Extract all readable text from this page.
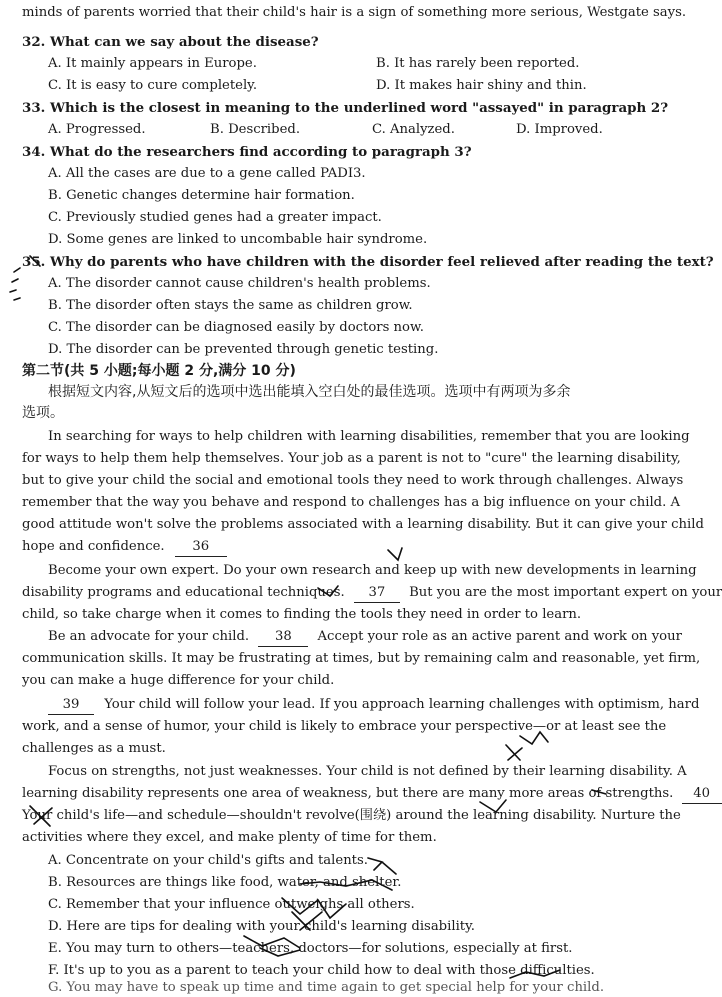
minds of parents worried that their child's hair is a sign of something more serious, Westgate says.
32. What can we say about the disease?
A. It mainly appears in Europe.	B. It has rarely been reported.
C. It is easy to cure completely.	D. It makes hair shiny and thin.
33. Which is the closest in meaning to the underlined word "assayed" in paragraph 2?
A. Progressed.	B. Described.	C. Analyzed.	D. Improved.
34. What do the researchers find according to paragraph 3?
A. All the cases are due to a gene called PADI3.
B. Genetic changes determine hair formation.
C. Previously studied genes had a greater impact.
D. Some genes are linked to uncombable hair syndrome.
35. Why do parents who have children with the disorder feel relieved after reading the text?
A. The disorder cannot cause children's health problems.
B. The disorder often stays the same as children grow.
C. The disorder can be diagnosed easily by doctors now.
D. The disorder can be prevented through genetic testing.
第二节(共 5 小题;每小题 2 分,满分 10 分)
根据短文内容,从短文后的选项中选出能填入空白处的最佳选项。选项中有两项为多余
选项。
In searching for ways to help children with learning disabilities, remember that you are looking
for ways to help them help themselves. Your job as a parent is not to "cure" the learning disability,
but to give your child the social and emotional tools they need to work through challenges. Always
remember that the way you behave and respond to challenges has a big influence on your child. A
good attitude won't solve the problems associated with a learning disability. But it can give your child
hope and confidence. 36
Become your own expert. Do your own research and keep up with new developments in learning
disability programs and educational techniques. 37 But you are the most important expert on your
child, so take charge when it comes to finding the tools they need in order to learn.
Be an advocate for your child. 38 Accept your role as an active parent and work on your
communication skills. It may be frustrating at times, but by remaining calm and reasonable, yet firm,
you can make a huge difference for your child.
39 Your child will follow your lead. If you approach learning challenges with optimism, hard
work, and a sense of humor, your child is likely to embrace your perspective—or at least see the
challenges as a must.
Focus on strengths, not just weaknesses. Your child is not defined by their learning disability. A
learning disability represents one area of weakness, but there are many more areas of strengths. 40
Your child's life—and schedule—shouldn't revolve(围绕) around the learning disability. Nurture the
activities where they excel, and make plenty of time for them.
A. Concentrate on your child's gifts and talents.
B. Resources are things like food, water, and shelter.
C. Remember that your influence outweighs all others.
D. Here are tips for dealing with your child's learning disability.
E. You may turn to others—teachers, doctors—for solutions, especially at first.
F. It's up to you as a parent to teach your child how to deal with those difficulties.
G. You may have to speak up time and time again to get special help for your child.
